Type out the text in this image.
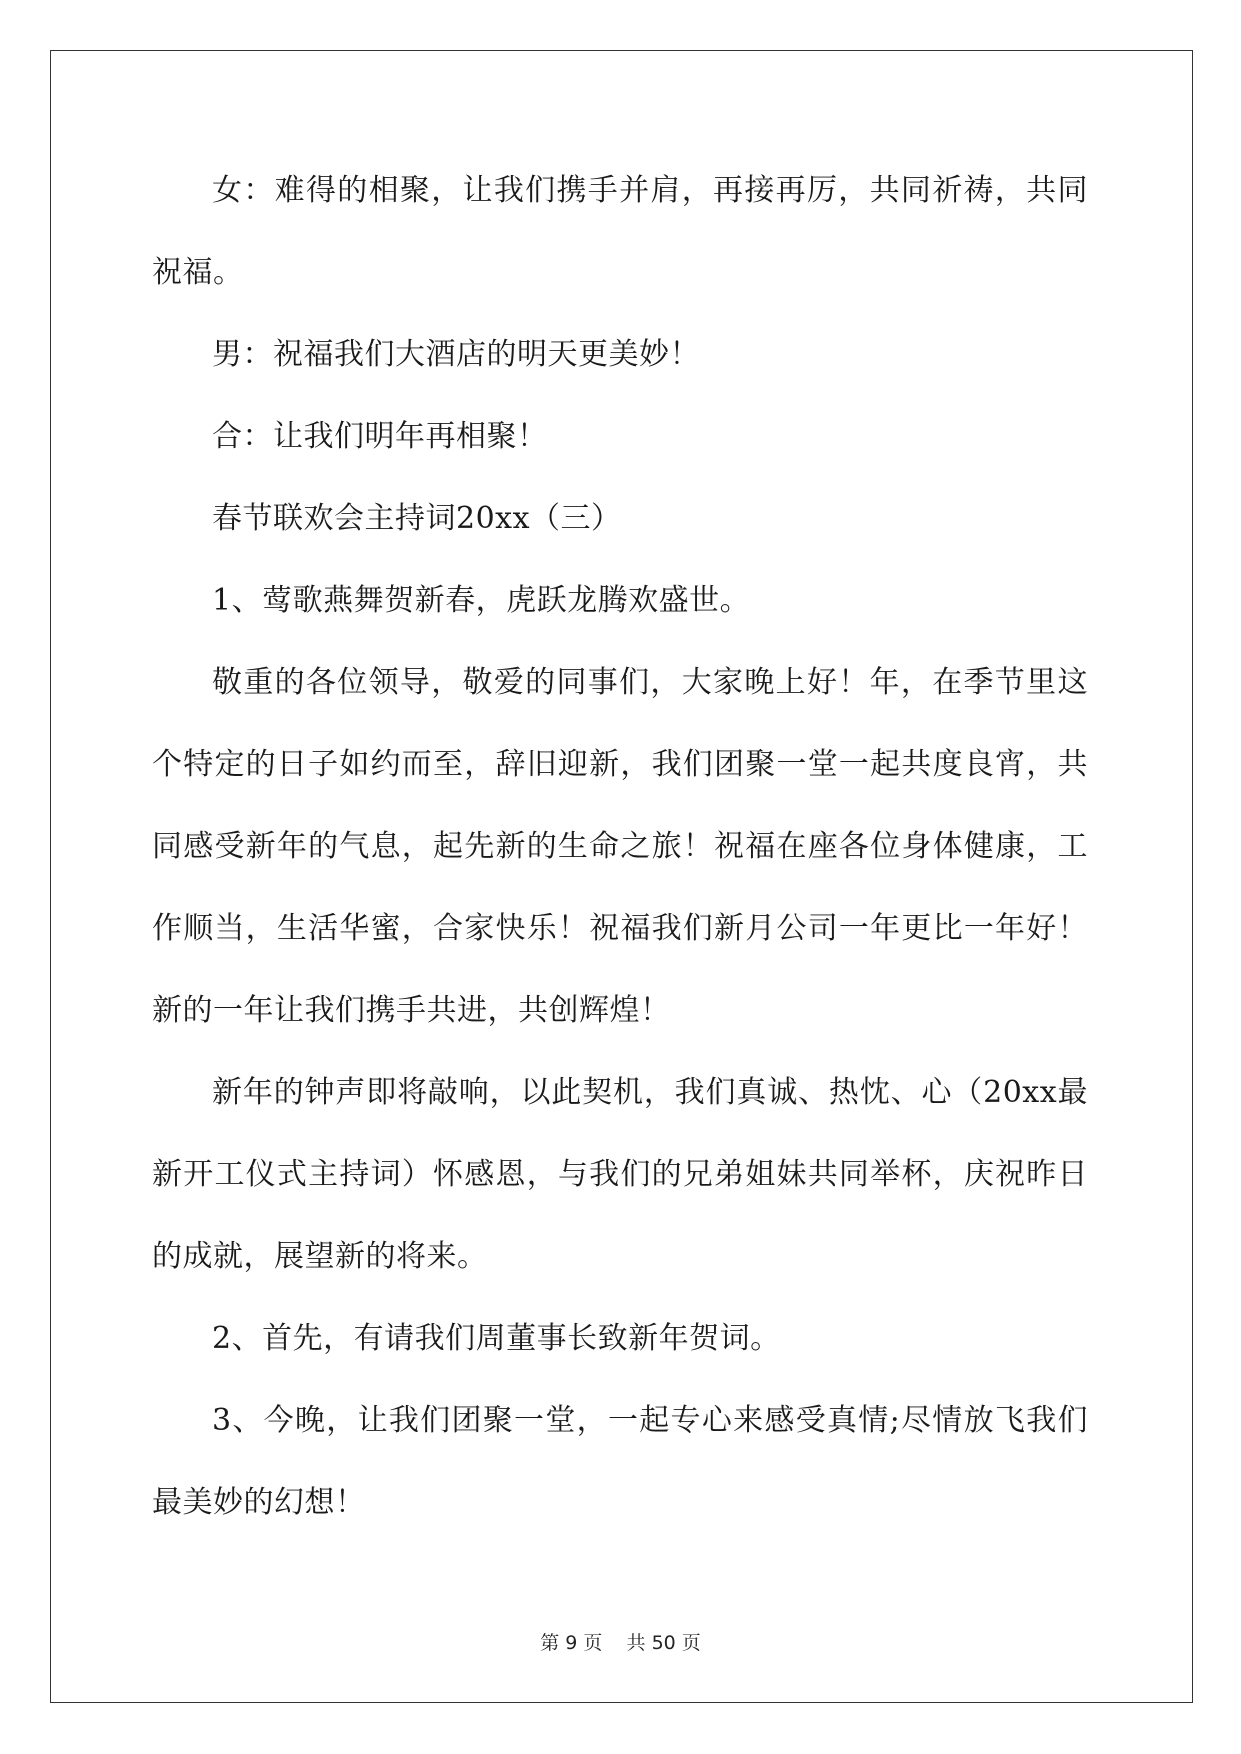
女：难得的相聚，让我们携手并肩，再接再厉，共同祈祷，共同祝福。

男：祝福我们大酒店的明天更美妙！

合：让我们明年再相聚！

春节联欢会主持词20xx（三）

1、莺歌燕舞贺新春，虎跃龙腾欢盛世。

敬重的各位领导，敬爱的同事们，大家晚上好！年，在季节里这个特定的日子如约而至，辞旧迎新，我们团聚一堂一起共度良宵，共同感受新年的气息，起先新的生命之旅！祝福在座各位身体健康，工作顺当，生活华蜜，合家快乐！祝福我们新月公司一年更比一年好！新的一年让我们携手共进，共创辉煌！

新年的钟声即将敲响，以此契机，我们真诚、热忱、心（20xx最新开工仪式主持词）怀感恩，与我们的兄弟姐妹共同举杯，庆祝昨日的成就，展望新的将来。

2、首先，有请我们周董事长致新年贺词。

3、今晚，让我们团聚一堂，一起专心来感受真情;尽情放飞我们最美妙的幻想！

第 9 页    共 50 页
